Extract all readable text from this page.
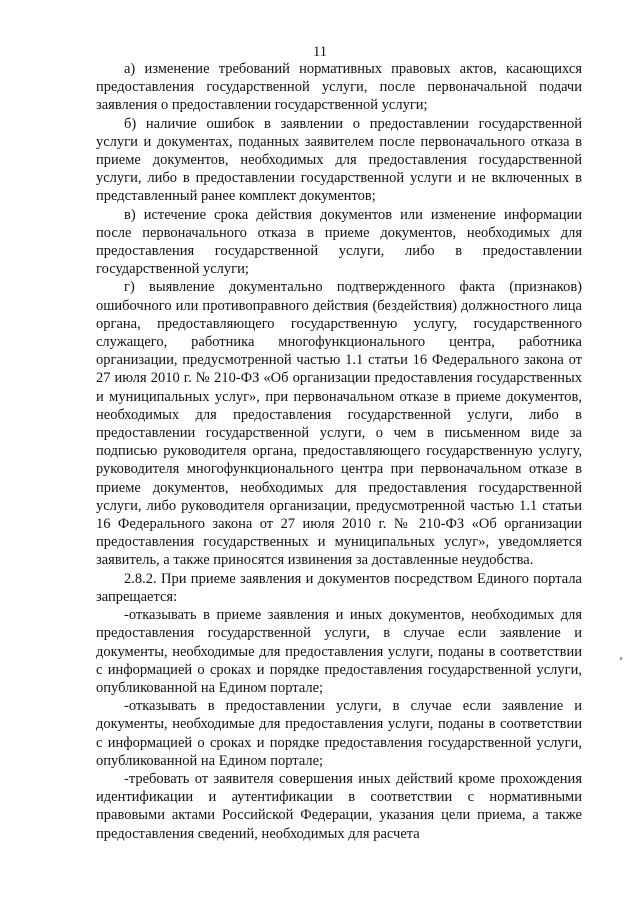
11

а) изменение требований нормативных правовых актов, касающихся предоставления государственной услуги, после первоначальной подачи заявления о предоставлении государственной услуги;

б) наличие ошибок в заявлении о предоставлении государственной услуги и документах, поданных заявителем после первоначального отказа в приеме документов, необходимых для предоставления государственной услуги, либо в предоставлении государственной услуги и не включенных в представленный ранее комплект документов;

в) истечение срока действия документов или изменение информации после первоначального отказа в приеме документов, необходимых для предоставления государственной услуги, либо в предоставлении государственной услуги;

г) выявление документально подтвержденного факта (признаков) ошибочного или противоправного действия (бездействия) должностного лица органа, предоставляющего государственную услугу, государственного служащего, работника многофункционального центра, работника организации, предусмотренной частью 1.1 статьи 16 Федерального закона от 27 июля 2010 г. № 210-ФЗ «Об организации предоставления государственных и муниципальных услуг», при первоначальном отказе в приеме документов, необходимых для предоставления государственной услуги, либо в предоставлении государственной услуги, о чем в письменном виде за подписью руководителя органа, предоставляющего государственную услугу, руководителя многофункционального центра при первоначальном отказе в приеме документов, необходимых для предоставления государственной услуги, либо руководителя организации, предусмотренной частью 1.1 статьи 16 Федерального закона от 27 июля 2010 г. № 210-ФЗ «Об организации предоставления государственных и муниципальных услуг», уведомляется заявитель, а также приносятся извинения за доставленные неудобства.

2.8.2. При приеме заявления и документов посредством Единого портала запрещается:

-отказывать в приеме заявления и иных документов, необходимых для предоставления государственной услуги, в случае если заявление и документы, необходимые для предоставления услуги, поданы в соответствии с информацией о сроках и порядке предоставления государственной услуги, опубликованной на Едином портале;

-отказывать в предоставлении услуги, в случае если заявление и документы, необходимые для предоставления услуги, поданы в соответствии с информацией о сроках и порядке предоставления государственной услуги, опубликованной на Едином портале;

-требовать от заявителя совершения иных действий кроме прохождения идентификации и аутентификации в соответствии с нормативными правовыми актами Российской Федерации, указания цели приема, а также предоставления сведений, необходимых для расчета
